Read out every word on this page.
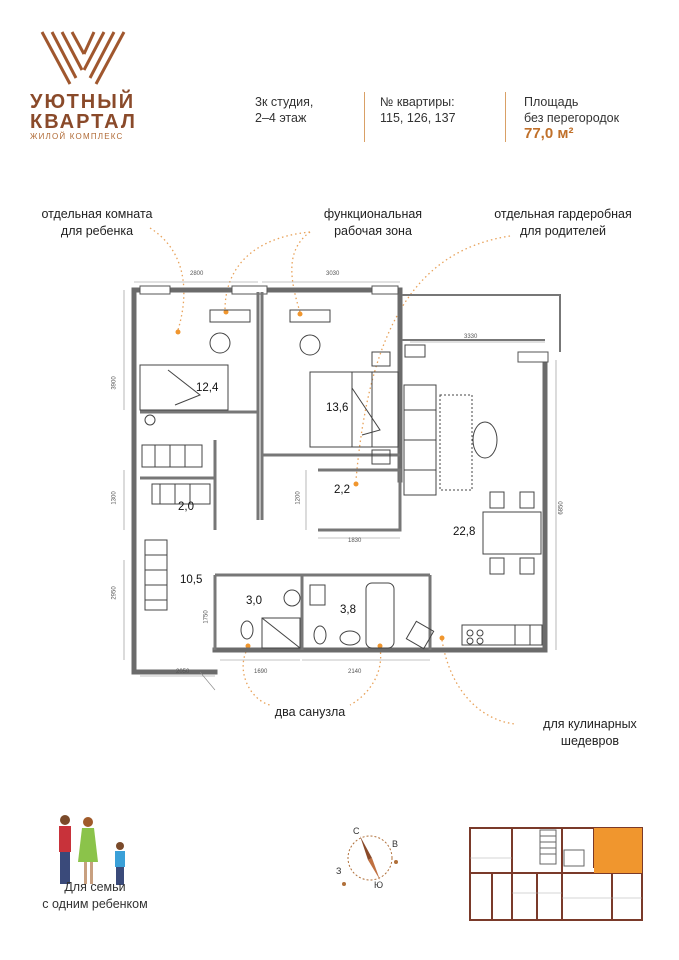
УЮТНЫЙ
КВАРТАЛ
ЖИЛОЙ КОМПЛЕКС
3к студия,
2–4 этаж
№ квартиры:
115, 126, 137
Площадь
без перегородок
77,0 м²
отдельная комната
для ребенка
функциональная
рабочая зона
отдельная гардеробная
для родителей
два санузла
для кулинарных
шедевров
12,4
13,6
2,2
2,0
22,8
10,5
3,0
3,8
2800	3030
3330
3900
1300	1200
1830
6850
2950
1750
2050	1690	2140
Для семьи
с одним ребенком
С
В
Ю
З
